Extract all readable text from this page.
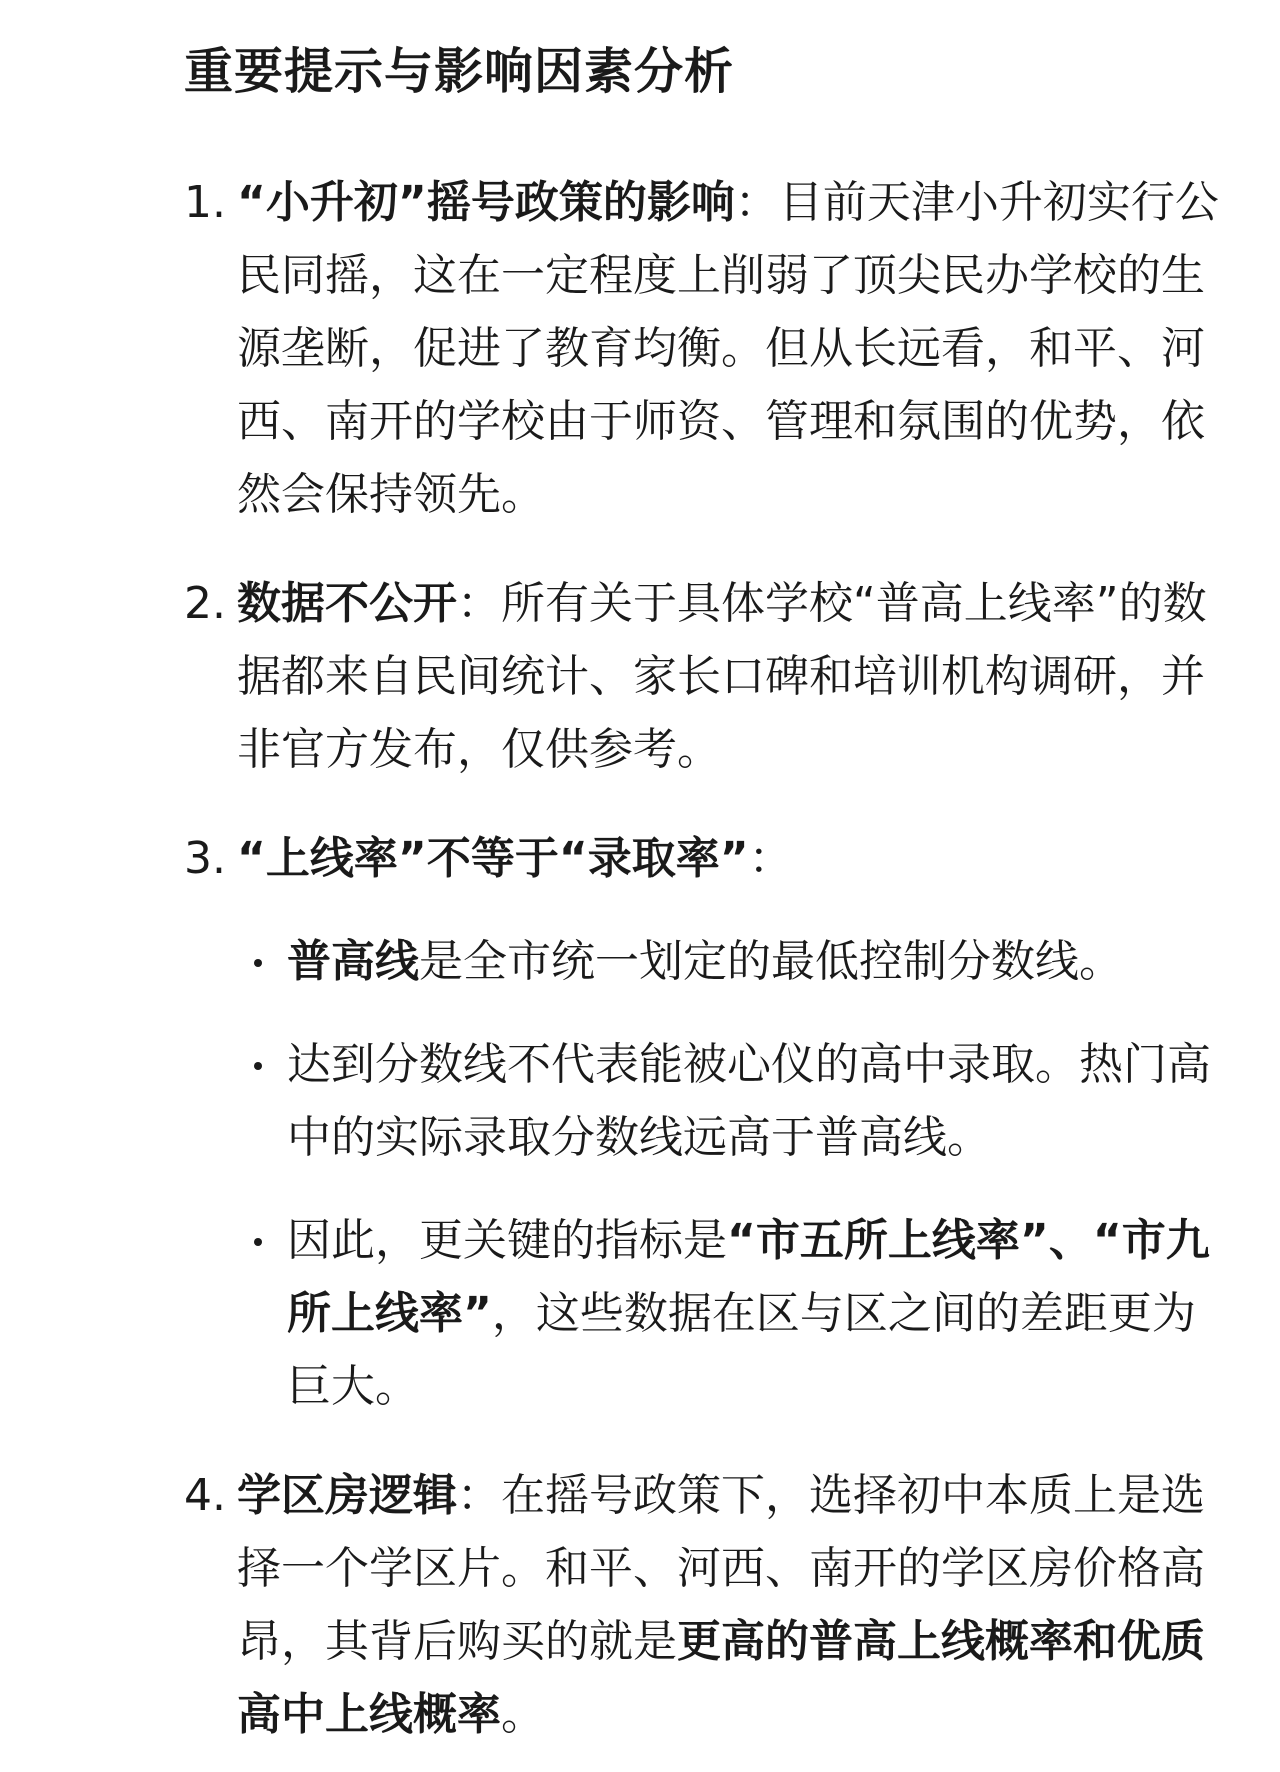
重要提示与影响因素分析
1. “小升初”摇号政策的影响：目前天津小升初实行公民同摇，这在一定程度上削弱了顶尖民办学校的生源垄断，促进了教育均衡。但从长远看，和平、河西、南开的学校由于师资、管理和氛围的优势，依然会保持领先。
2. 数据不公开：所有关于具体学校“普高上线率”的数据都来自民间统计、家长口碑和培训机构调研，并非官方发布，仅供参考。
3. “上线率”不等于“录取率”：
普高线是全市统一划定的最低控制分数线。
达到分数线不代表能被心仪的高中录取。热门高中的实际录取分数线远高于普高线。
因此，更关键的指标是“市五所上线率”、“市九所上线率”，这些数据在区与区之间的差距更为巨大。
4. 学区房逻辑：在摇号政策下，选择初中本质上是选择一个学区片。和平、河西、南开的学区房价格高昂，其背后购买的就是更高的普高上线概率和优质高中上线概率。
